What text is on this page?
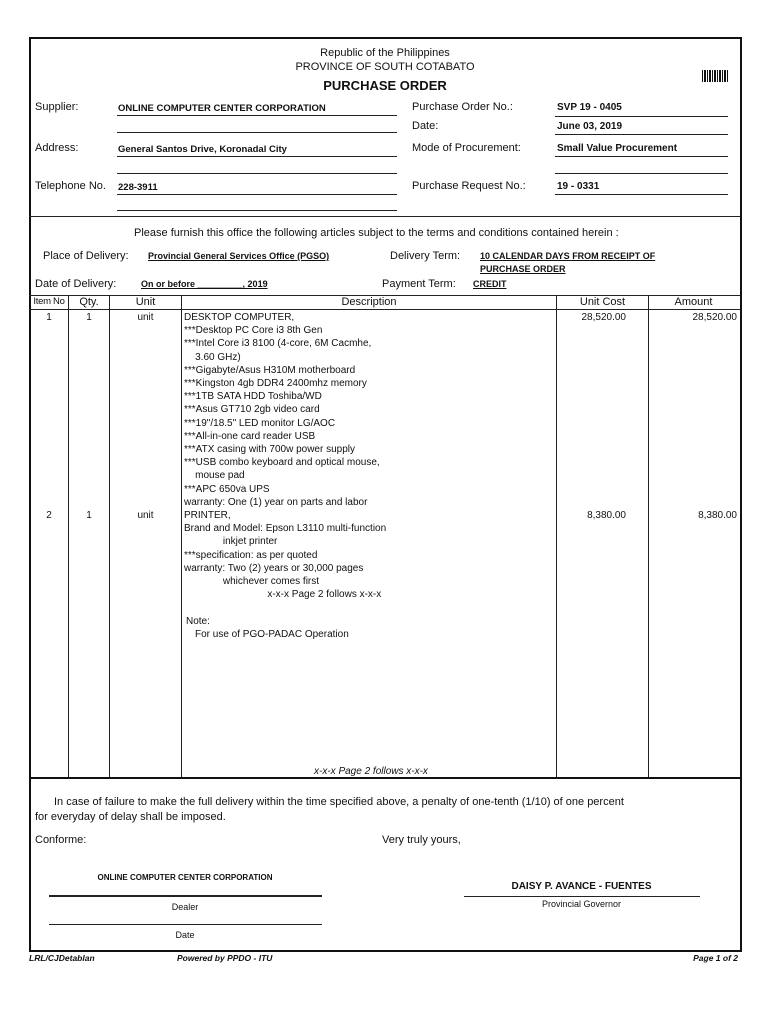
Republic of the Philippines
PROVINCE OF SOUTH COTABATO
PURCHASE ORDER
Supplier:	ONLINE COMPUTER CENTER CORPORATION
Address:	General Santos Drive, Koronadal City
Telephone No. 228-3911
Purchase Order No.:	SVP 19 - 0405
Date:	June 03, 2019
Mode of Procurement:	Small Value Procurement
Purchase Request No.:	19 - 0331
Please furnish this office the following articles subject to the terms and conditions contained herein :
Place of Delivery: Provincial General Services Office (PGSO)	Delivery Term: 10 CALENDAR DAYS FROM RECEIPT OF
PURCHASE ORDER
Date of Delivery:	On or before _________, 2019	Payment Term: CREDIT
Item No	Qty.	Unit	Description	Unit Cost	Amount
1	1	unit	DESKTOP COMPUTER,
***Desktop PC Core i3 8th Gen
***Intel Core i3 8100 (4-core, 6M Cacmhe,
3.60 GHz)
***Gigabyte/Asus H310M motherboard
***Kingston 4gb DDR4 2400mhz memory
***1TB SATA HDD Toshiba/WD
***Asus GT710 2gb video card
***19"/18.5" LED monitor LG/AOC
***All-in-one card reader USB
***ATX casing with 700w power supply
***USB combo keyboard and optical mouse,
mouse pad
***APC 650va UPS
warranty: One (1) year on parts and labor
28,520.00	28,520.00
2	1	unit	PRINTER,
Brand and Model: Epson L3110 multi-function
inkjet printer
***specification: as per quoted
warranty: Two (2) years or 30,000 pages
whichever comes first
x-x-x Page 2 follows x-x-x
8,380.00	8,380.00
Note:
For use of PGO-PADAC Operation
x-x-x Page 2 follows x-x-x
In case of failure to make the full delivery within the time specified above, a penalty of one-tenth (1/10) of one percent
for everyday of delay shall be imposed.
Conforme:	Very truly yours,
ONLINE COMPUTER CENTER CORPORATION
Dealer
Date
DAISY P. AVANCE - FUENTES
Provincial Governor
LRL/CJDetablan	Powered by PPDO - ITU	Page 1 of 2
